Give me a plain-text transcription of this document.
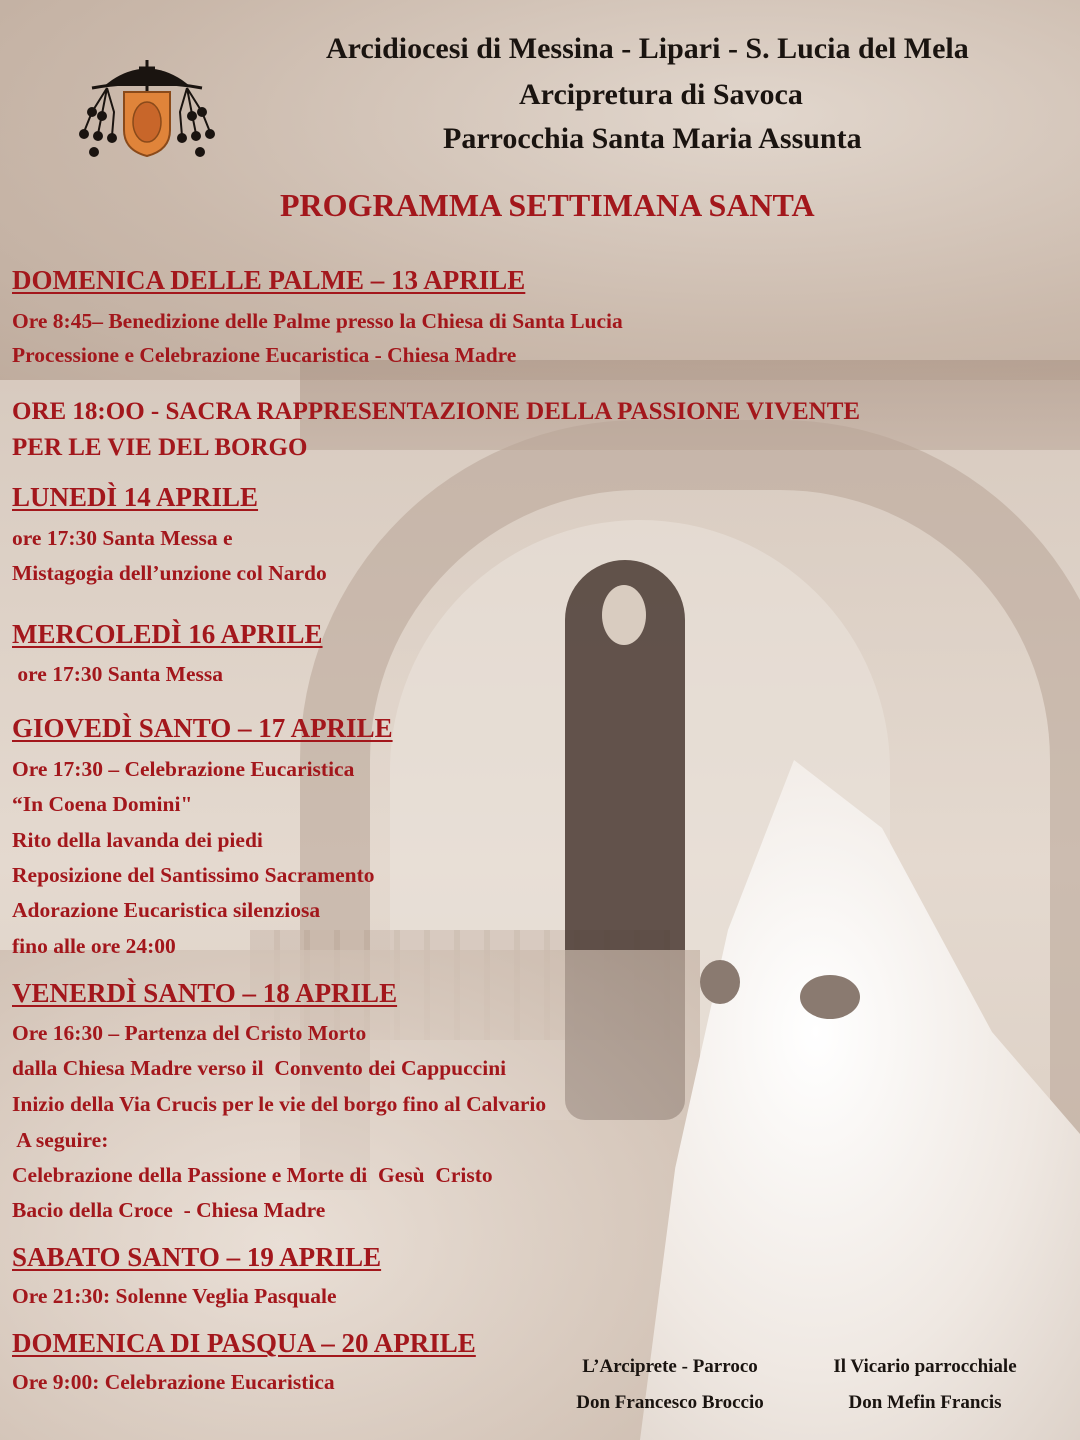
Arcidiocesi di Messina - Lipari - S. Lucia del Mela
Arcipretura di Savoca
Parrocchia Santa Maria Assunta
PROGRAMMA SETTIMANA SANTA
DOMENICA DELLE PALME – 13 APRILE
Ore 8:45– Benedizione delle Palme presso la Chiesa di Santa Lucia
Processione e Celebrazione Eucaristica - Chiesa Madre
ORE 18:OO - SACRA RAPPRESENTAZIONE DELLA PASSIONE VIVENTE
PER LE VIE DEL BORGO
LUNEDÌ 14 APRILE
ore 17:30 Santa Messa e
Mistagogia dell’unzione col Nardo
MERCOLEDÌ 16 APRILE
ore 17:30 Santa Messa
GIOVEDÌ SANTO – 17 APRILE
Ore 17:30 – Celebrazione Eucaristica
“In Coena Domini"
Rito della lavanda dei piedi
Reposizione del Santissimo Sacramento
Adorazione Eucaristica silenziosa
fino alle ore 24:00
VENERDÌ SANTO – 18 APRILE
Ore 16:30 – Partenza del Cristo Morto
dalla Chiesa Madre verso il  Convento dei Cappuccini
Inizio della Via Crucis per le vie del borgo fino al Calvario
A seguire:
Celebrazione della Passione e Morte di  Gesù  Cristo
Bacio della Croce  - Chiesa Madre
SABATO SANTO – 19 APRILE
Ore 21:30: Solenne Veglia Pasquale
DOMENICA DI PASQUA – 20 APRILE
Ore 9:00: Celebrazione Eucaristica
L’Arciprete - Parroco
Don Francesco Broccio
Il Vicario parrocchiale
Don Mefin Francis
